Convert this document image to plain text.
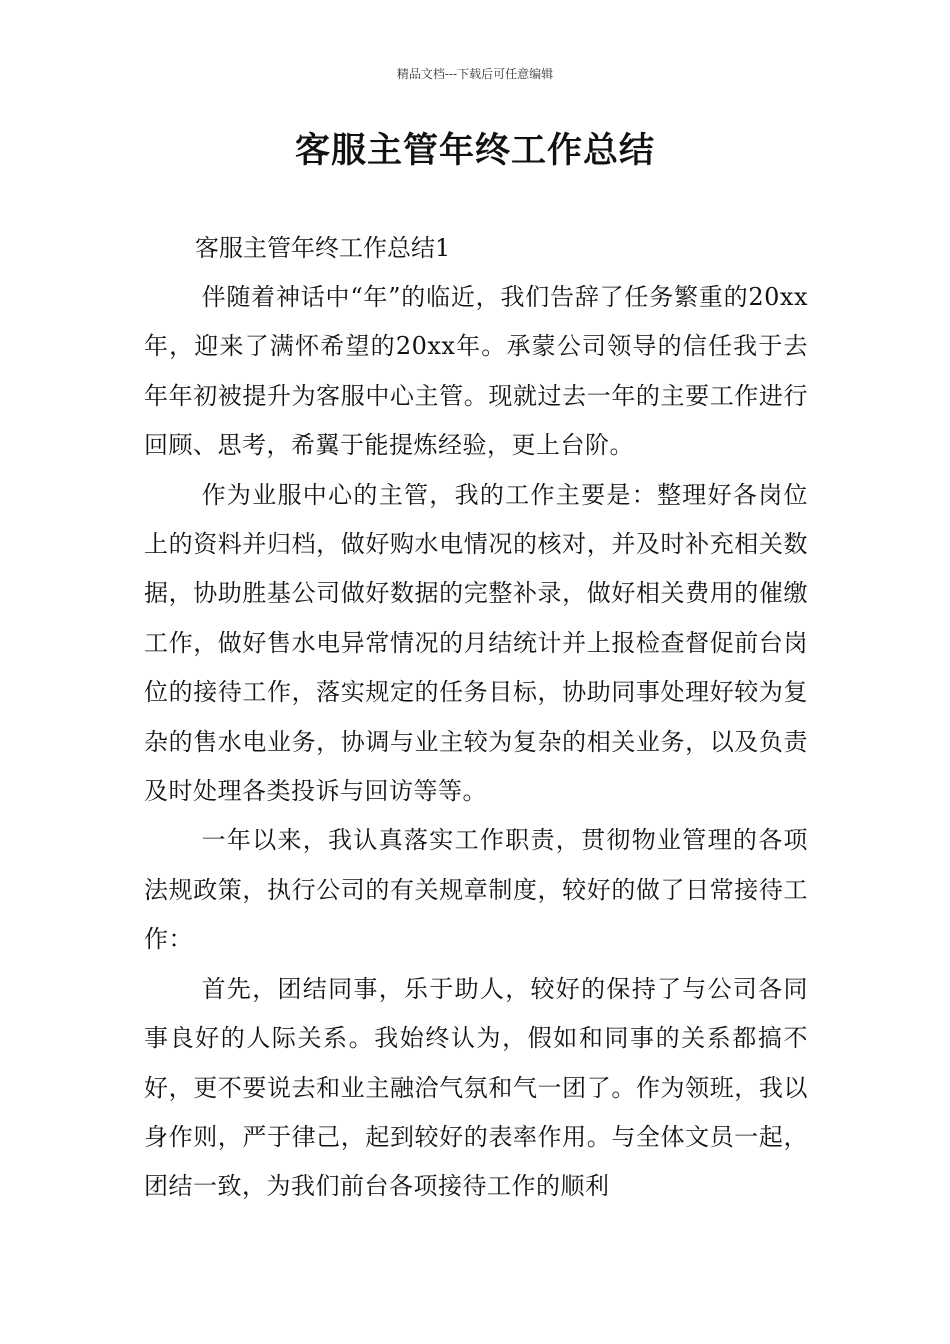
精品文档---下载后可任意编辑
客服主管年终工作总结

客服主管年终工作总结1

伴随着神话中“年”的临近，我们告辞了任务繁重的20xx年，迎来了满怀希望的20xx年。承蒙公司领导的信任我于去年年初被提升为客服中心主管。现就过去一年的主要工作进行回顾、思考，希翼于能提炼经验，更上台阶。

作为业服中心的主管，我的工作主要是：整理好各岗位上的资料并归档，做好购水电情况的核对，并及时补充相关数据，协助胜基公司做好数据的完整补录，做好相关费用的催缴工作，做好售水电异常情况的月结统计并上报检查督促前台岗位的接待工作，落实规定的任务目标，协助同事处理好较为复杂的售水电业务，协调与业主较为复杂的相关业务，以及负责及时处理各类投诉与回访等等。

一年以来，我认真落实工作职责，贯彻物业管理的各项法规政策，执行公司的有关规章制度，较好的做了日常接待工作：

首先，团结同事，乐于助人，较好的保持了与公司各同事良好的人际关系。我始终认为，假如和同事的关系都搞不好，更不要说去和业主融洽气氛和气一团了。作为领班，我以身作则，严于律己，起到较好的表率作用。与全体文员一起，团结一致，为我们前台各项接待工作的顺利
